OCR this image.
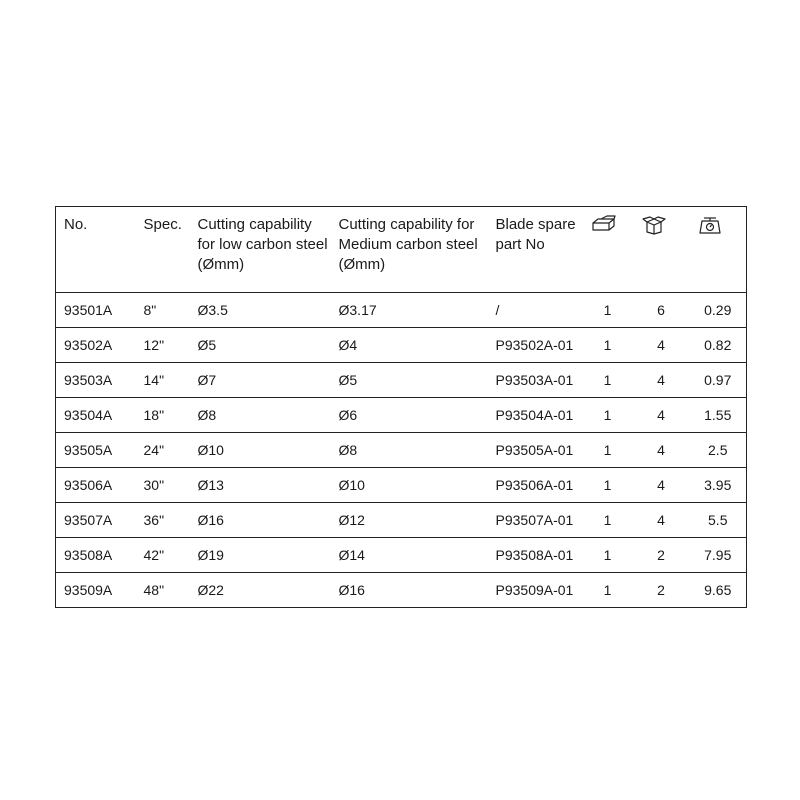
No.	Spec.	Cutting capability for low carbon steel (Ømm)	Cutting capability for Medium carbon steel (Ømm)	Blade spare part No			
93501A	8"	Ø3.5	Ø3.17	/	1	6	0.29
93502A	12"	Ø5	Ø4	P93502A-01	1	4	0.82
93503A	14"	Ø7	Ø5	P93503A-01	1	4	0.97
93504A	18"	Ø8	Ø6	P93504A-01	1	4	1.55
93505A	24"	Ø10	Ø8	P93505A-01	1	4	2.5
93506A	30"	Ø13	Ø10	P93506A-01	1	4	3.95
93507A	36"	Ø16	Ø12	P93507A-01	1	4	5.5
93508A	42"	Ø19	Ø14	P93508A-01	1	2	7.95
93509A	48"	Ø22	Ø16	P93509A-01	1	2	9.65
